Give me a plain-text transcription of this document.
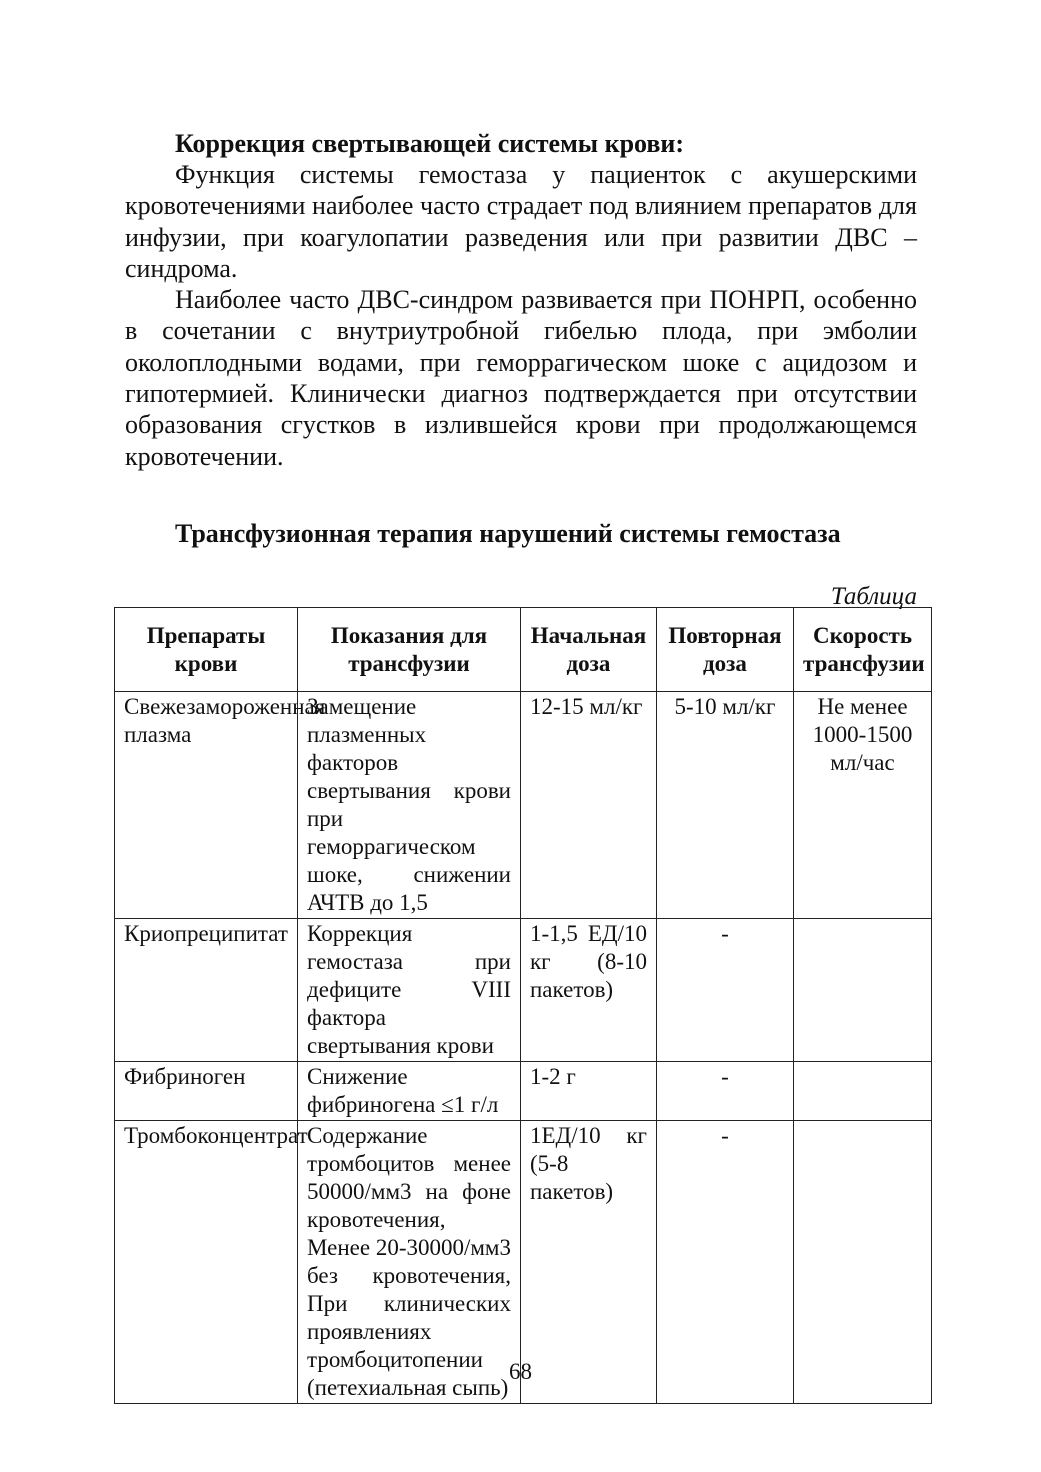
Коррекция свертывающей системы крови:

Функция системы гемостаза у пациенток с акушерскими кровотечениями наиболее часто страдает под влиянием препаратов для инфузии, при коагулопатии разведения или при развитии ДВС – синдрома.

Наиболее часто ДВС-синдром развивается при ПОНРП, особенно в сочетании с внутриутробной гибелью плода, при эмболии околоплодными водами, при геморрагическом шоке с ацидозом и гипотермией. Клинически диагноз подтверждается при отсутствии образования сгустков в излившейся крови при продолжающемся кровотечении.

Трансфузионная терапия нарушений системы гемостаза

Таблица
Препараты крови	Показания для трансфузии	Начальная доза	Повторная доза	Скорость трансфузии
Свежезамороженная плазма	Замещение плазменных факторов свертывания крови при геморрагическом шоке, снижении АЧТВ до 1,5	12-15 мл/кг	5-10 мл/кг	Не менее 1000-1500 мл/час
Криопреципитат	Коррекция гемостаза при дефиците VIII фактора свертывания крови	1-1,5 ЕД/10 кг (8-10 пакетов)	-	
Фибриноген	Снижение фибриногена ≤1 г/л	1-2 г	-	
Тромбоконцентрат	Содержание тромбоцитов менее 50000/мм3 на фоне кровотечения, Менее 20-30000/мм3 без кровотечения, При клинических проявлениях тромбоцитопении (петехиальная сыпь)	1ЕД/10 кг (5-8 пакетов)	-	
68
